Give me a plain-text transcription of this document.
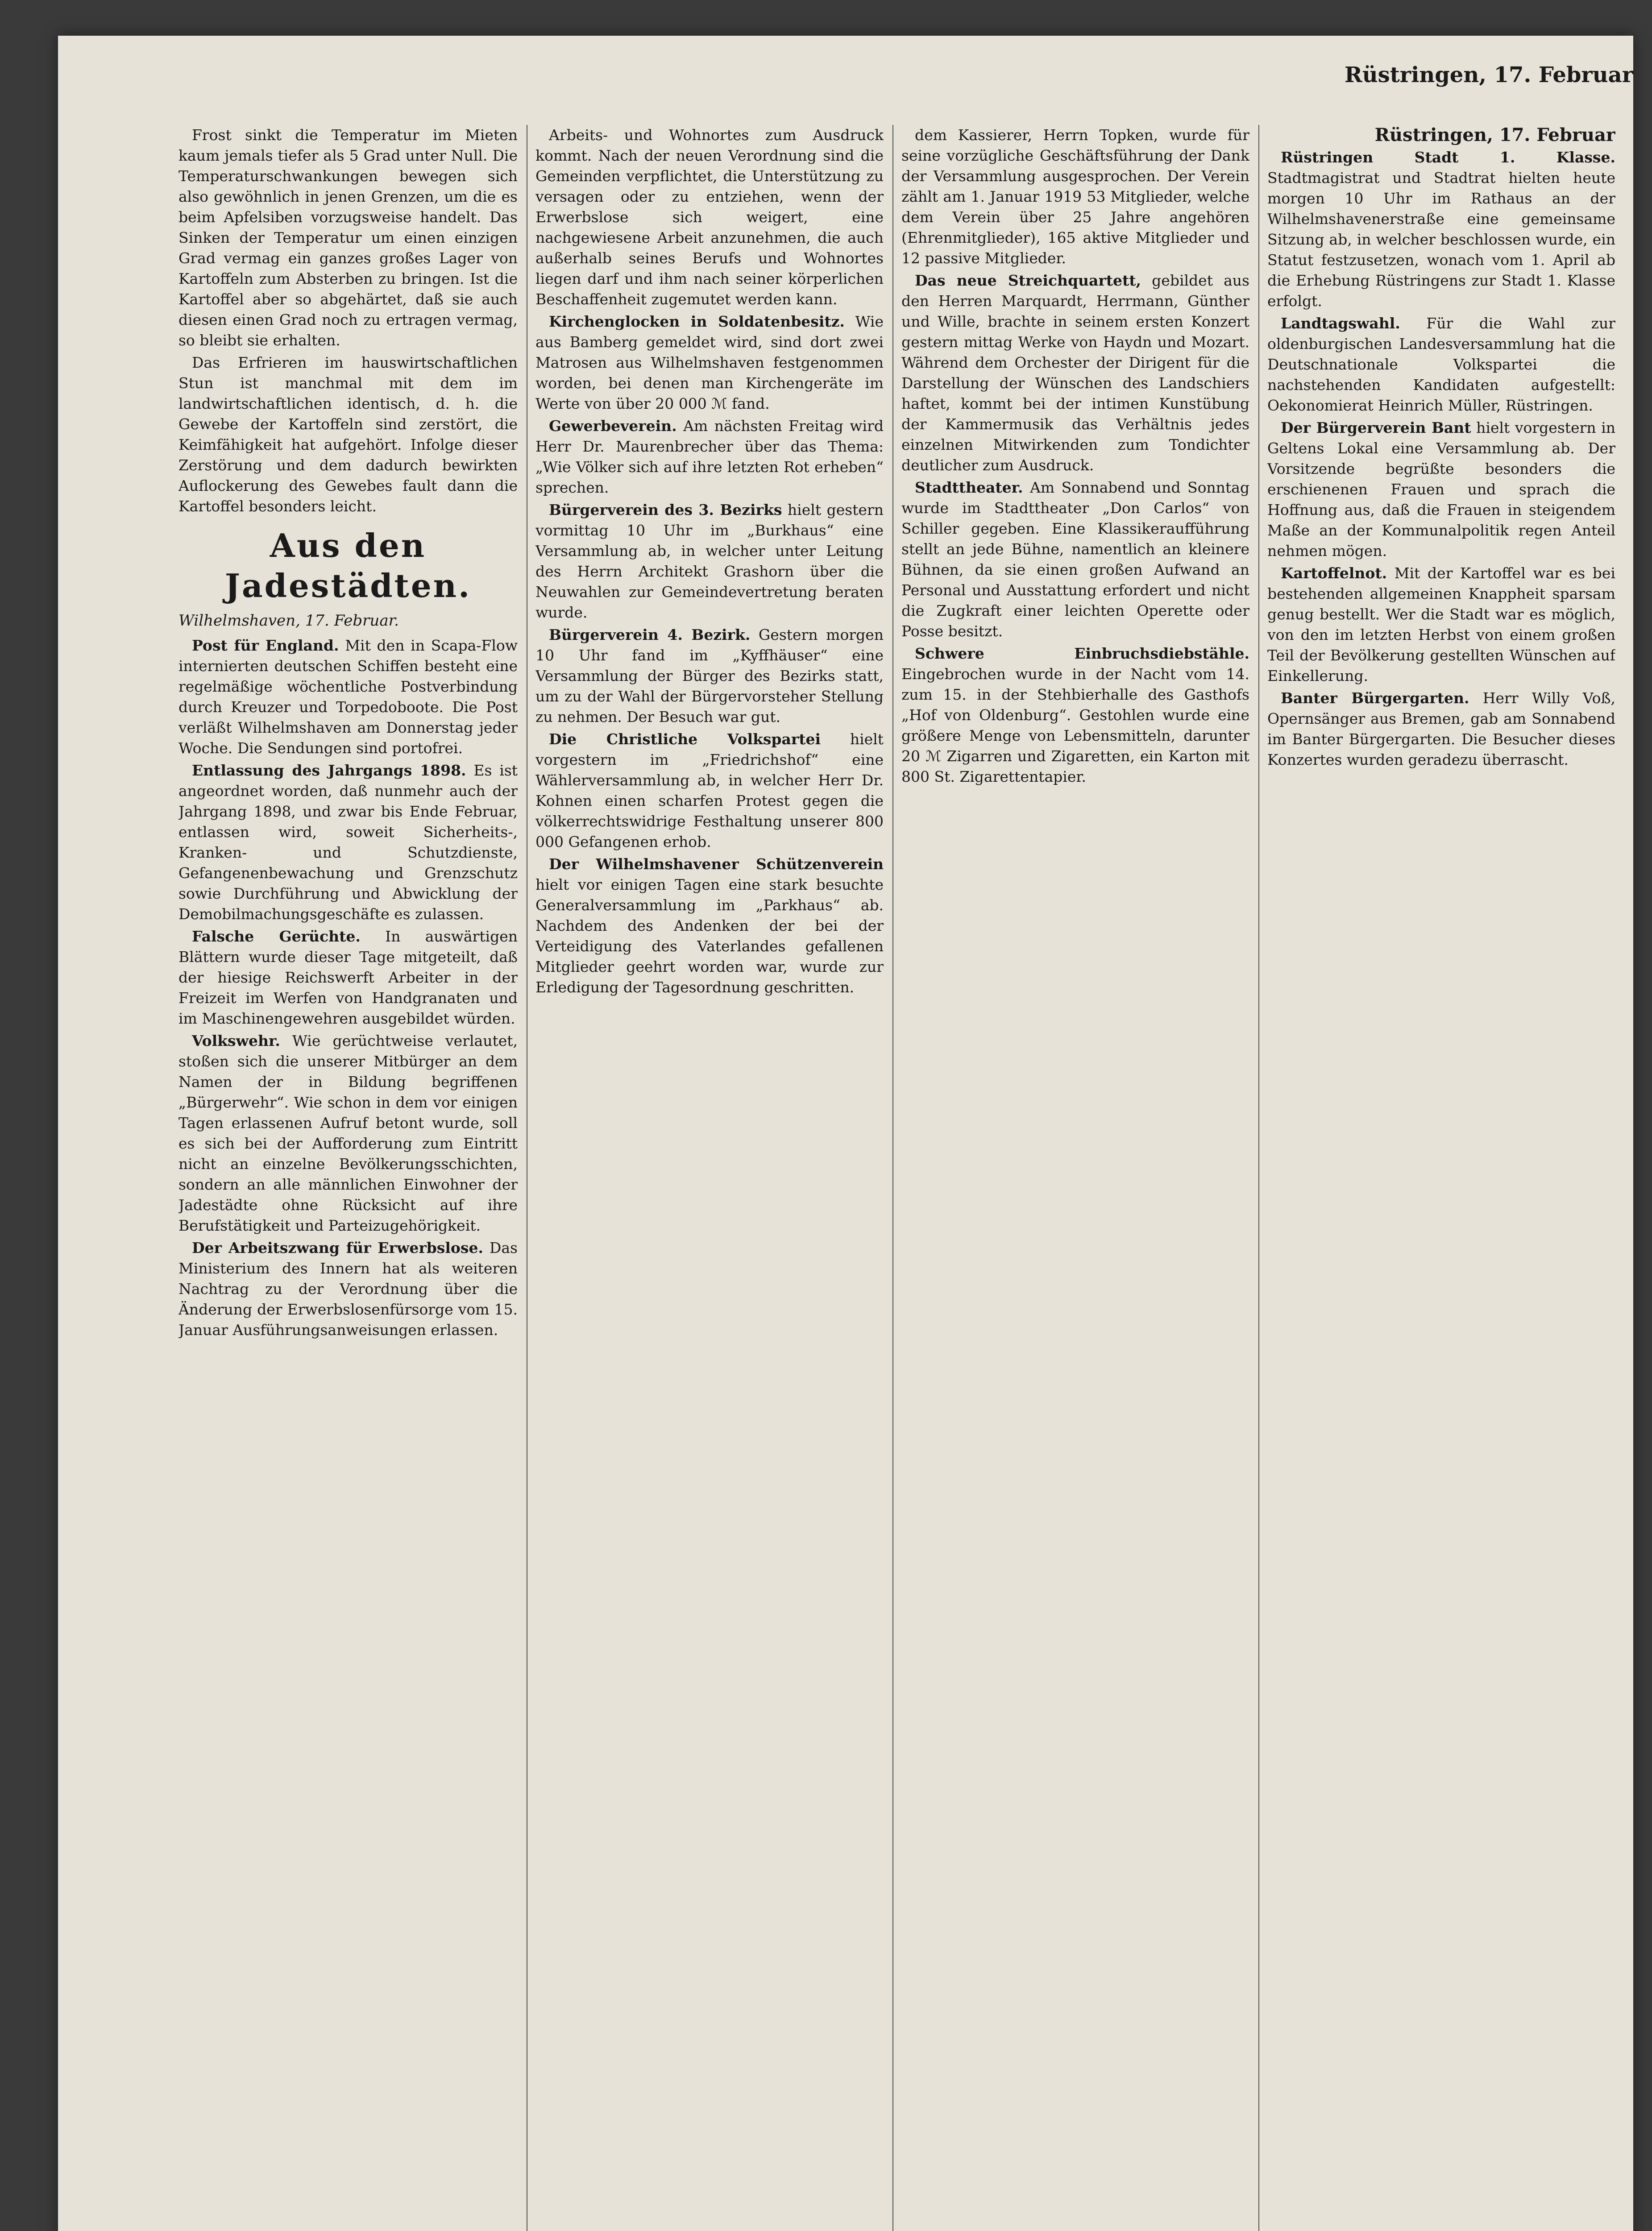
Rüstringen, 17. Februar

Frost sinkt die Temperatur im Mieten kaum jemals tiefer als 5 Grad unter Null. Die Temperaturschwankungen bewegen sich also gewöhnlich in jenen Grenzen, um die es beim Apfelsiben vorzugsweise handelt. Das Sinken der Temperatur um einen einzigen Grad vermag ein ganzes großes Lager von Kartoffeln zum Absterben zu bringen. Ist die Kartoffel aber so abgehärtet, daß sie auch diesen einen Grad noch zu ertragen vermag, so bleibt sie erhalten.

Das Erfrieren im hauswirtschaftlichen Stun ist manchmal mit dem im landwirtschaftlichen identisch, d. h. die Gewebe der Kartoffeln sind zerstört, die Keimfähigkeit hat aufgehört. Infolge dieser Zerstörung und dem dadurch bewirkten Auflockerung des Gewebes fault dann die Kartoffel besonders leicht.

Aus den Jadestädten.
Wilhelmshaven, 17. Februar.

Post für England. Mit den in Scapa-Flow internierten deutschen Schiffen besteht eine regelmäßige wöchentliche Postverbindung durch Kreuzer und Torpedoboote. Die Post verläßt Wilhelmshaven am Donnerstag jeder Woche. Die Sendungen sind portofrei.

Entlassung des Jahrgangs 1898. Es ist angeordnet worden, daß nunmehr auch der Jahrgang 1898, und zwar bis Ende Februar, entlassen wird, soweit Sicherheits-, Kranken- und Schutzdienste, Gefangenenbewachung und Grenzschutz sowie Durchführung und Abwicklung der Demobilmachungsgeschäfte es zulassen.

Falsche Gerüchte. In auswärtigen Blättern wurde dieser Tage mitgeteilt, daß der hiesige Reichswerft Arbeiter in der Freizeit im Werfen von Handgranaten und im Maschinengewehren ausgebildet würden.

Volkswehr. Wie gerüchtweise verlautet, stoßen sich die unserer Mitbürger an dem Namen der in Bildung begriffenen „Bürgerwehr“. Wie schon in dem vor einigen Tagen erlassenen Aufruf betont wurde, soll es sich bei der Aufforderung zum Eintritt nicht an einzelne Bevölkerungsschichten, sondern an alle männlichen Einwohner der Jadestädte ohne Rücksicht auf ihre Berufstätigkeit und Parteizugehörigkeit.

Der Arbeitszwang für Erwerbslose. Das Ministerium des Innern hat als weiteren Nachtrag zu der Verordnung über die Änderung der Erwerbslosenfürsorge vom 15. Januar Ausführungsanweisungen erlassen.

Arbeits- und Wohnortes zum Ausdruck kommt. Nach der neuen Verordnung sind die Gemeinden verpflichtet, die Unterstützung zu versagen oder zu entziehen, wenn der Erwerbslose sich weigert, eine nachgewiesene Arbeit anzunehmen, die auch außerhalb seines Berufs und Wohnortes liegen darf und ihm nach seiner körperlichen Beschaffenheit zugemutet werden kann.

Kirchenglocken in Soldatenbesitz. Wie aus Bamberg gemeldet wird, sind dort zwei Matrosen aus Wilhelmshaven festgenommen worden, bei denen man Kirchengeräte im Werte von über 20 000 ℳ fand.

Gewerbeverein. Am nächsten Freitag wird Herr Dr. Maurenbrecher über das Thema: „Wie Völker sich auf ihre letzten Rot erheben“ sprechen.

Bürgerverein des 3. Bezirks hielt gestern vormittag 10 Uhr im „Burkhaus“ eine Versammlung ab, in welcher unter Leitung des Herrn Architekt Grashorn über die Neuwahlen zur Gemeindevertretung beraten wurde.

Bürgerverein 4. Bezirk. Gestern morgen 10 Uhr fand im „Kyffhäuser“ eine Versammlung der Bürger des Bezirks statt, um zu der Wahl der Bürgervorsteher Stellung zu nehmen. Der Besuch war gut.

Die Christliche Volkspartei hielt vorgestern im „Friedrichshof“ eine Wählerversammlung ab, in welcher Herr Dr. Kohnen einen scharfen Protest gegen die völkerrechtswidrige Festhaltung unserer 800 000 Gefangenen erhob.

Der Wilhelmshavener Schützenverein hielt vor einigen Tagen eine stark besuchte Generalversammlung im „Parkhaus“ ab. Nachdem des Andenken der bei der Verteidigung des Vaterlandes gefallenen Mitglieder geehrt worden war, wurde zur Erledigung der Tagesordnung geschritten.

dem Kassierer, Herrn Topken, wurde für seine vorzügliche Geschäftsführung der Dank der Versammlung ausgesprochen. Der Verein zählt am 1. Januar 1919 53 Mitglieder, welche dem Verein über 25 Jahre angehören (Ehrenmitglieder), 165 aktive Mitglieder und 12 passive Mitglieder.

Das neue Streichquartett, gebildet aus den Herren Marquardt, Herrmann, Günther und Wille, brachte in seinem ersten Konzert gestern mittag Werke von Haydn und Mozart. Während dem Orchester der Dirigent für die Darstellung der Wünschen des Landschiers haftet, kommt bei der intimen Kunstübung der Kammermusik das Verhältnis jedes einzelnen Mitwirkenden zum Tondichter deutlicher zum Ausdruck.

Stadttheater. Am Sonnabend und Sonntag wurde im Stadttheater „Don Carlos“ von Schiller gegeben. Eine Klassikeraufführung stellt an jede Bühne, namentlich an kleinere Bühnen, da sie einen großen Aufwand an Personal und Ausstattung erfordert und nicht die Zugkraft einer leichten Operette oder Posse besitzt.

Schwere Einbruchsdiebstähle. Eingebrochen wurde in der Nacht vom 14. zum 15. in der Stehbierhalle des Gasthofs „Hof von Oldenburg“. Gestohlen wurde eine größere Menge von Lebensmitteln, darunter 20 ℳ Zigarren und Zigaretten, ein Karton mit 800 St. Zigarettentapier.

Rüstringen, 17. Februar

Rüstringen Stadt 1. Klasse. Stadtmagistrat und Stadtrat hielten heute morgen 10 Uhr im Rathaus an der Wilhelmshavenerstraße eine gemeinsame Sitzung ab, in welcher beschlossen wurde, ein Statut festzusetzen, wonach vom 1. April ab die Erhebung Rüstringens zur Stadt 1. Klasse erfolgt.

Landtagswahl. Für die Wahl zur oldenburgischen Landesversammlung hat die Deutschnationale Volkspartei die nachstehenden Kandidaten aufgestellt: Oekonomierat Heinrich Müller, Rüstringen.

Der Bürgerverein Bant hielt vorgestern in Geltens Lokal eine Versammlung ab. Der Vorsitzende begrüßte besonders die erschienenen Frauen und sprach die Hoffnung aus, daß die Frauen in steigendem Maße an der Kommunalpolitik regen Anteil nehmen mögen.

Kartoffelnot. Mit der Kartoffel war es bei bestehenden allgemeinen Knappheit sparsam genug bestellt. Wer die Stadt war es möglich, von den im letzten Herbst von einem großen Teil der Bevölkerung gestellten Wünschen auf Einkellerung.

Banter Bürgergarten. Herr Willy Voß, Opernsänger aus Bremen, gab am Sonnabend im Banter Bürgergarten. Die Besucher dieses Konzertes wurden geradezu überrascht.
